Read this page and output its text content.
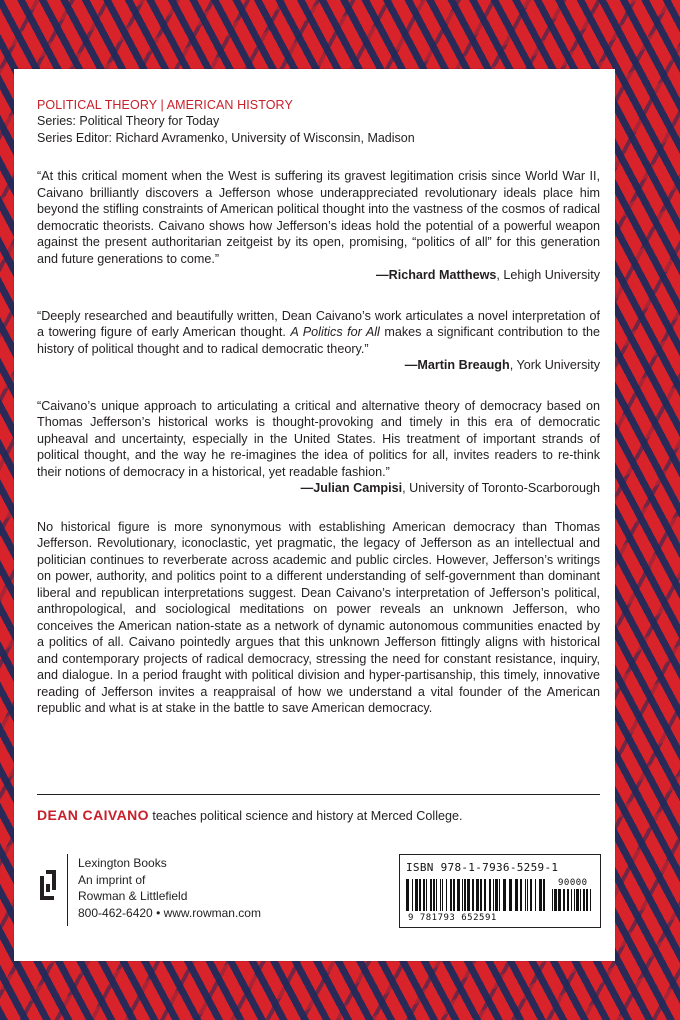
POLITICAL THEORY | AMERICAN HISTORY
Series: Political Theory for Today
Series Editor: Richard Avramenko, University of Wisconsin, Madison

“At this critical moment when the West is suffering its gravest legitimation crisis since World War II, Caivano brilliantly discovers a Jefferson whose underappreciated revolutionary ideals place him beyond the stifling constraints of American political thought into the vastness of the cosmos of radical democratic theorists. Caivano shows how Jefferson’s ideas hold the potential of a powerful weapon against the present authoritarian zeitgeist by its open, promising, “politics of all” for this generation and future generations to come.”
—Richard Matthews, Lehigh University

“Deeply researched and beautifully written, Dean Caivano’s work articulates a novel interpretation of a towering figure of early American thought. A Politics for All makes a significant contribution to the history of political thought and to radical democratic theory.”
—Martin Breaugh, York University

“Caivano’s unique approach to articulating a critical and alternative theory of democracy based on Thomas Jefferson’s historical works is thought-provoking and timely in this era of democratic upheaval and uncertainty, especially in the United States. His treatment of important strands of political thought, and the way he re-imagines the idea of politics for all, invites readers to re-think their notions of democracy in a historical, yet readable fashion.”
—Julian Campisi, University of Toronto-Scarborough

No historical figure is more synonymous with establishing American democracy than Thomas Jefferson. Revolutionary, iconoclastic, yet pragmatic, the legacy of Jefferson as an intellectual and politician continues to reverberate across academic and public circles. However, Jefferson’s writings on power, authority, and politics point to a different understanding of self-government than dominant liberal and republican interpretations suggest. Dean Caivano’s interpretation of Jefferson’s political, anthropological, and sociological meditations on power reveals an unknown Jefferson, who conceives the American nation-state as a network of dynamic autonomous communities enacted by a politics of all. Caivano pointedly argues that this unknown Jefferson fittingly aligns with historical and contemporary projects of radical democracy, stressing the need for constant resistance, inquiry, and dialogue. In a period fraught with political division and hyper-partisanship, this timely, innovative reading of Jefferson invites a reappraisal of how we understand a vital founder of the American republic and what is at stake in the battle to save American democracy.
DEAN CAIVANO teaches political science and history at Merced College.
Lexington Books
An imprint of
Rowman & Littlefield
800-462-6420 • www.rowman.com
ISBN 978-1-7936-5259-1
90000
9 781793 652591
